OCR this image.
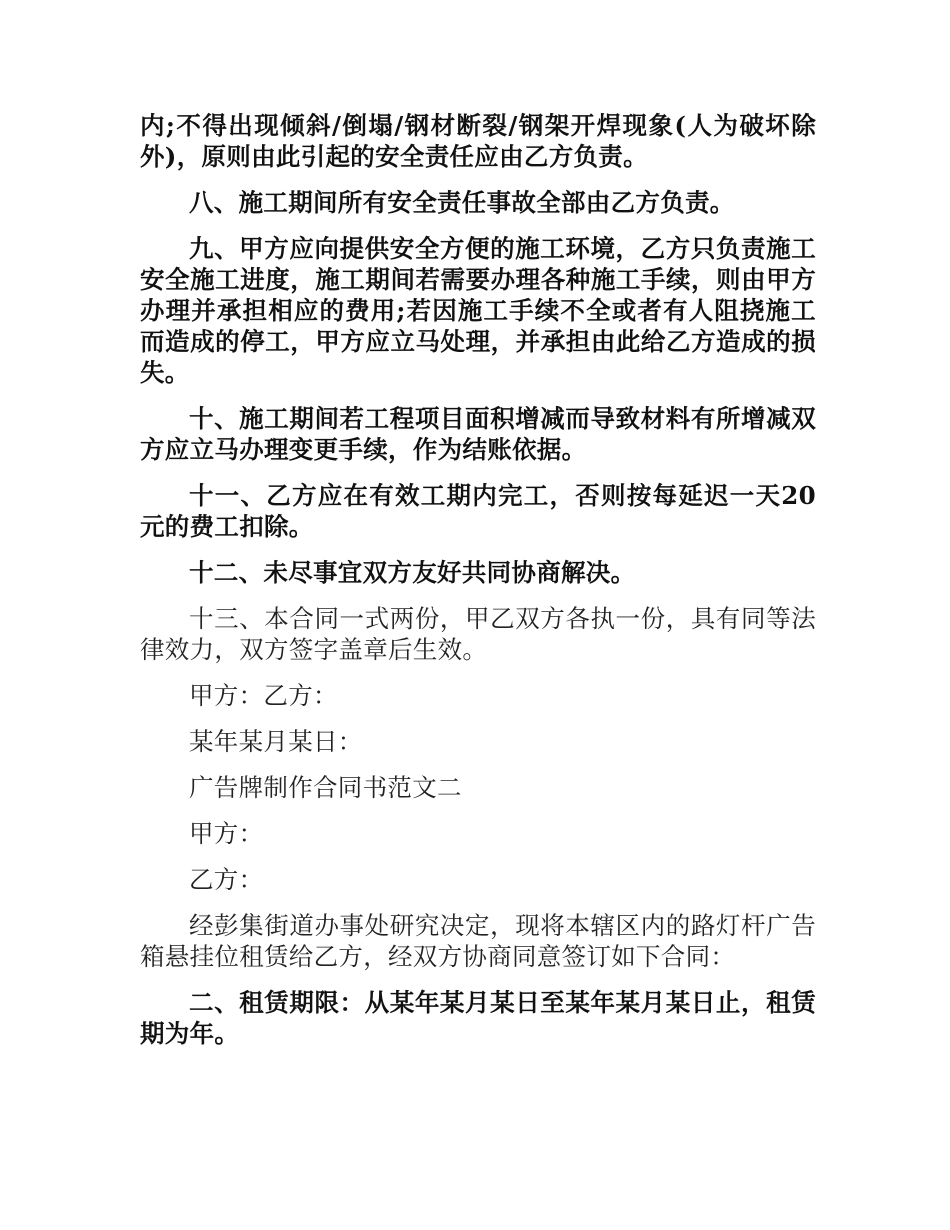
内;不得出现倾斜/倒塌/钢材断裂/钢架开焊现象(人为破坏除外)，原则由此引起的安全责任应由乙方负责。

八、施工期间所有安全责任事故全部由乙方负责。

九、甲方应向提供安全方便的施工环境，乙方只负责施工安全施工进度，施工期间若需要办理各种施工手续，则由甲方办理并承担相应的费用;若因施工手续不全或者有人阻挠施工而造成的停工，甲方应立马处理，并承担由此给乙方造成的损失。

十、施工期间若工程项目面积增减而导致材料有所增减双方应立马办理变更手续，作为结账依据。

十一、乙方应在有效工期内完工，否则按每延迟一天20元的费工扣除。

十二、未尽事宜双方友好共同协商解决。

十三、本合同一式两份，甲乙双方各执一份，具有同等法律效力，双方签字盖章后生效。

甲方：乙方：

某年某月某日：

广告牌制作合同书范文二

甲方：

乙方：

经彭集街道办事处研究决定，现将本辖区内的路灯杆广告箱悬挂位租赁给乙方，经双方协商同意签订如下合同：

二、租赁期限：从某年某月某日至某年某月某日止，租赁期为年。
